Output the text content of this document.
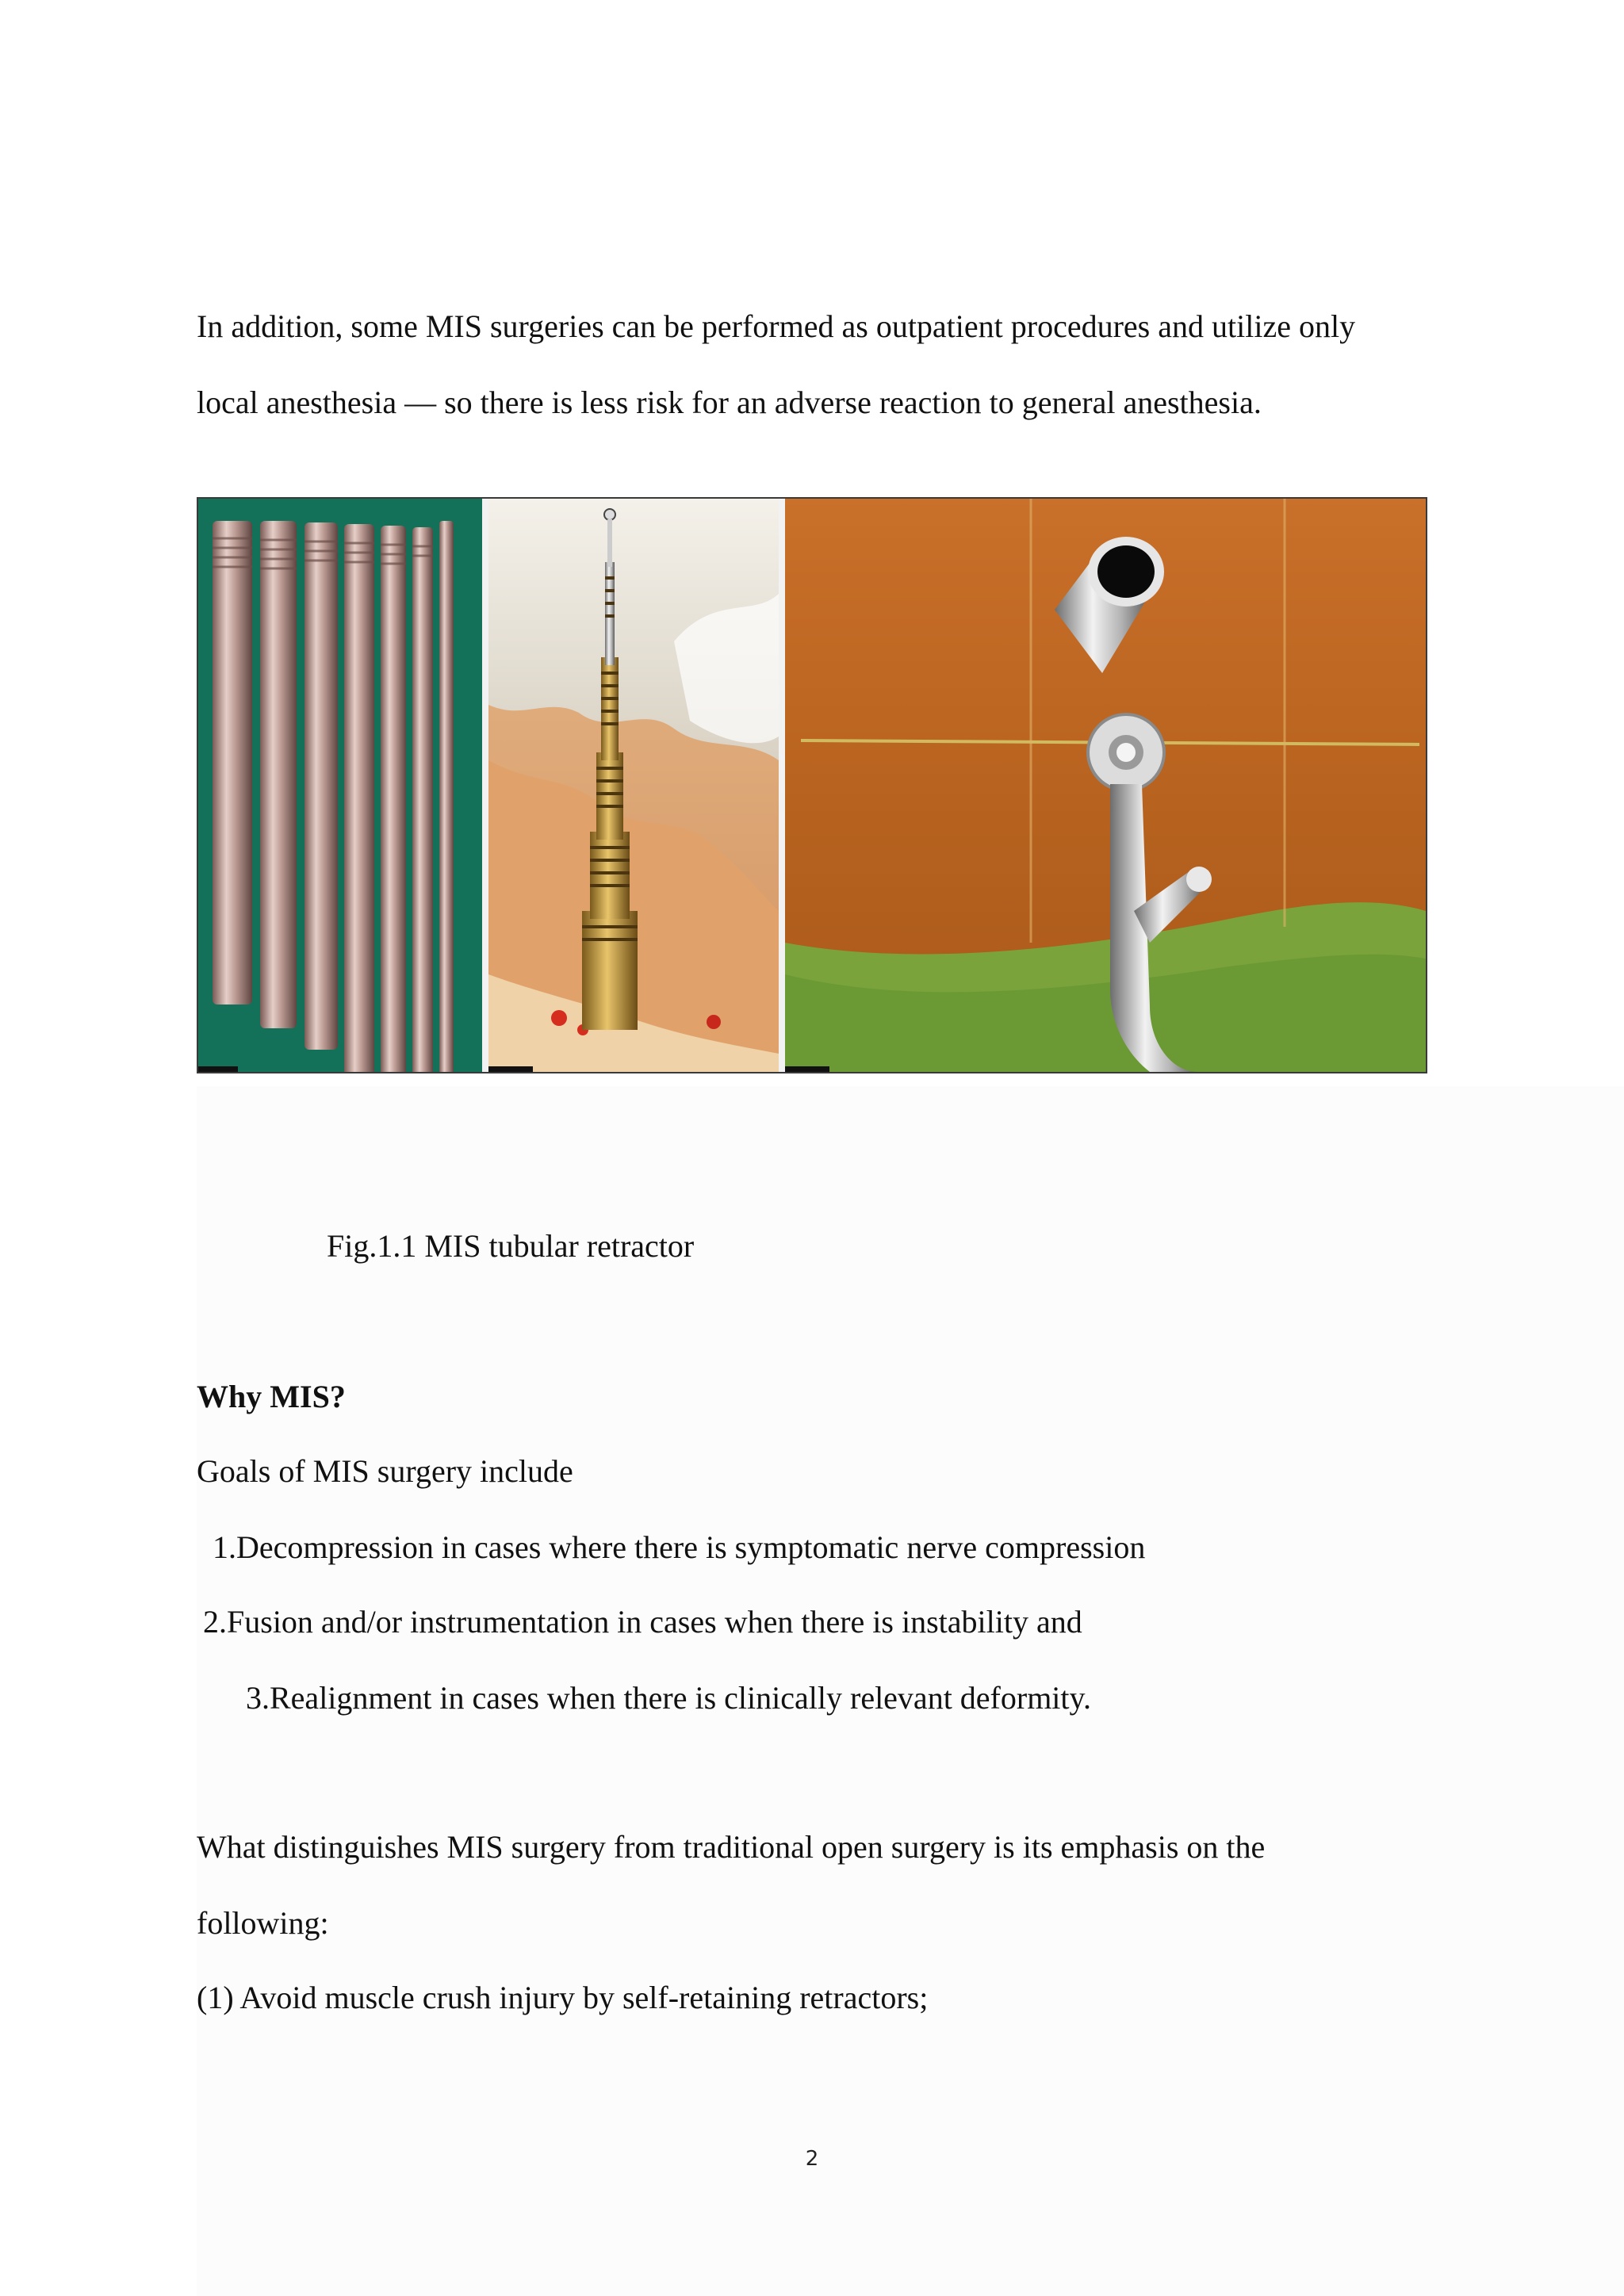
In addition, some MIS surgeries can be performed as outpatient procedures and utilize only
local anesthesia — so there is less risk for an adverse reaction to general anesthesia.
Fig.1.1 MIS tubular retractor
Why MIS?
Goals of MIS surgery include
1.Decompression in cases where there is symptomatic nerve compression
2.Fusion and/or instrumentation in cases when there is instability and
3.Realignment in cases when there is clinically relevant deformity.
What distinguishes MIS surgery from traditional open surgery is its emphasis on the
following:
(1) Avoid muscle crush injury by self-retaining retractors;
2
